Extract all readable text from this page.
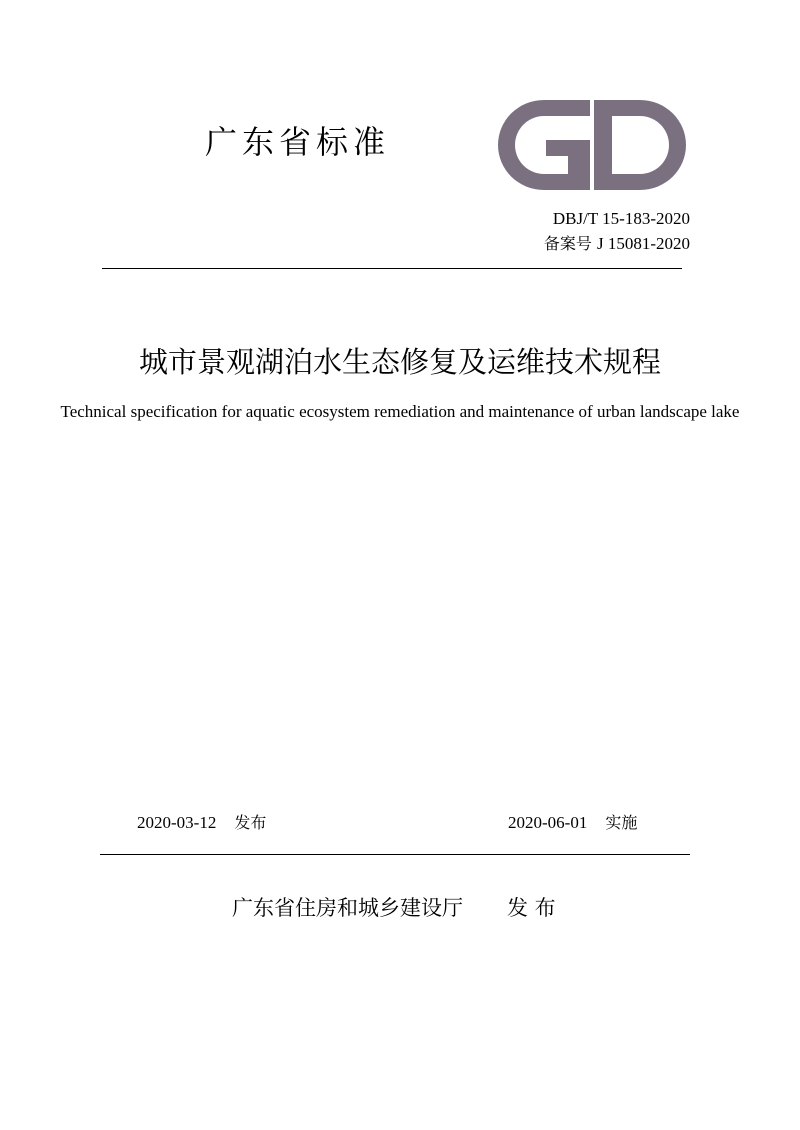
广东省标准
GD
DBJ/T 15-183-2020
备案号 J 15081-2020
城市景观湖泊水生态修复及运维技术规程
Technical specification for aquatic ecosystem remediation and maintenance of urban landscape lake
2020-03-12 发布	2020-06-01 实施
广东省住房和城乡建设厅 发 布
